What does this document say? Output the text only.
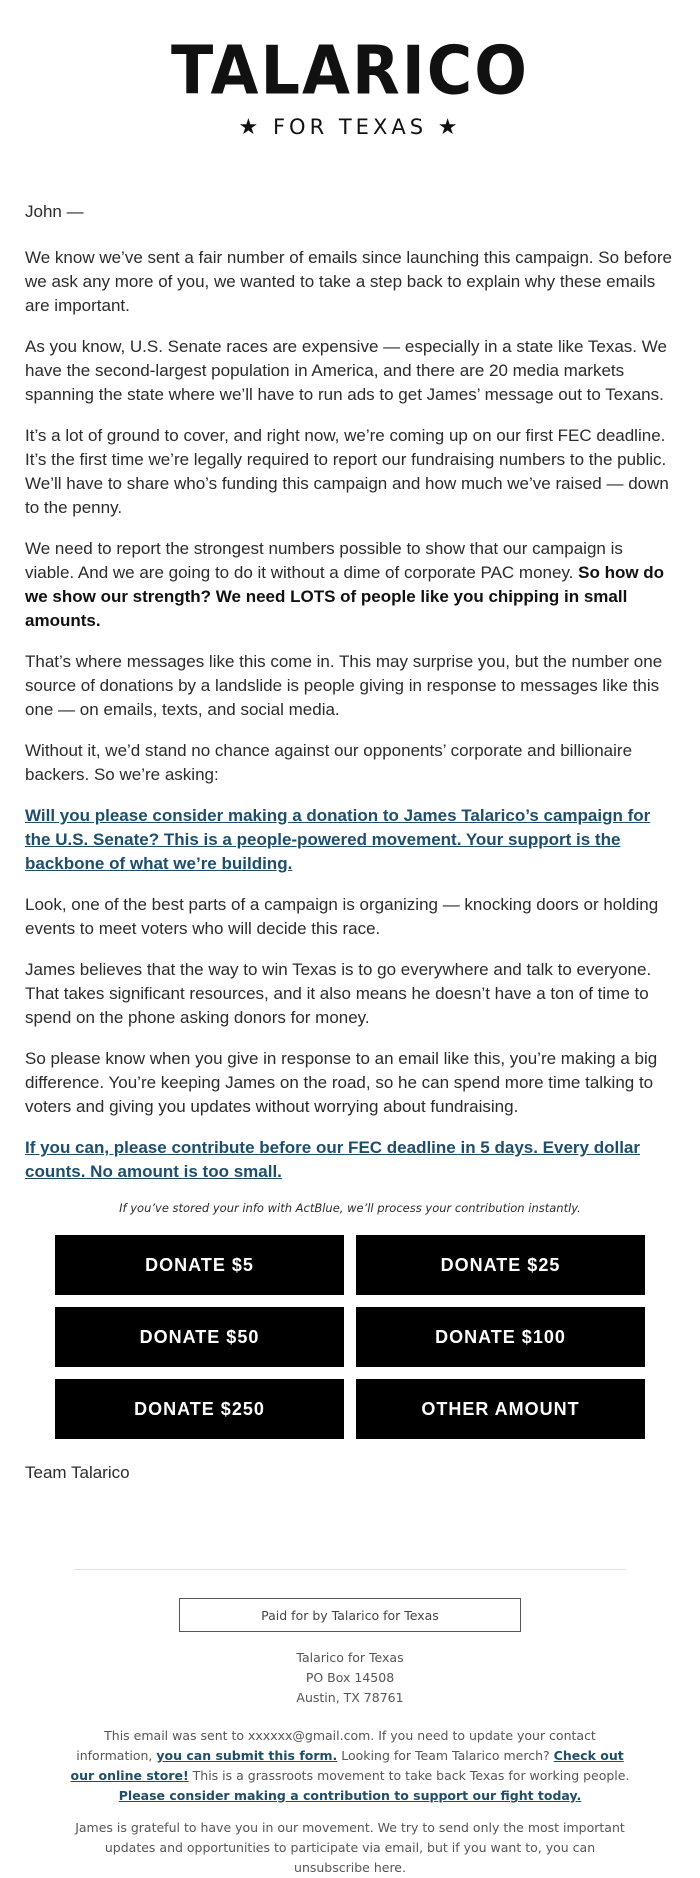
TALARICO
★ FOR TEXAS ★

John —

We know we’ve sent a fair number of emails since launching this campaign. So before we ask any more of you, we wanted to take a step back to explain why these emails are important.

As you know, U.S. Senate races are expensive — especially in a state like Texas. We have the second-largest population in America, and there are 20 media markets spanning the state where we’ll have to run ads to get James’ message out to Texans.

It’s a lot of ground to cover, and right now, we’re coming up on our first FEC deadline. It’s the first time we’re legally required to report our fundraising numbers to the public. We’ll have to share who’s funding this campaign and how much we’ve raised — down to the penny.

We need to report the strongest numbers possible to show that our campaign is viable. And we are going to do it without a dime of corporate PAC money. So how do we show our strength? We need LOTS of people like you chipping in small amounts.

That’s where messages like this come in. This may surprise you, but the number one source of donations by a landslide is people giving in response to messages like this one — on emails, texts, and social media.

Without it, we’d stand no chance against our opponents’ corporate and billionaire backers. So we’re asking:

Will you please consider making a donation to James Talarico’s campaign for the U.S. Senate? This is a people-powered movement. Your support is the backbone of what we’re building.

Look, one of the best parts of a campaign is organizing — knocking doors or holding events to meet voters who will decide this race.

James believes that the way to win Texas is to go everywhere and talk to everyone. That takes significant resources, and it also means he doesn’t have a ton of time to spend on the phone asking donors for money.

So please know when you give in response to an email like this, you’re making a big difference. You’re keeping James on the road, so he can spend more time talking to voters and giving you updates without worrying about fundraising.

If you can, please contribute before our FEC deadline in 5 days. Every dollar counts. No amount is too small.

If you’ve stored your info with ActBlue, we’ll process your contribution instantly.
DONATE $5	DONATE $25
DONATE $50	DONATE $100
DONATE $250	OTHER AMOUNT
Team Talarico
Paid for by Talarico for Texas
Talarico for Texas
PO Box 14508
Austin, TX 78761
This email was sent to xxxxxx@gmail.com. If you need to update your contact information, you can submit this form. Looking for Team Talarico merch? Check out our online store! This is a grassroots movement to take back Texas for working people. Please consider making a contribution to support our fight today.
James is grateful to have you in our movement. We try to send only the most important updates and opportunities to participate via email, but if you want to, you can unsubscribe here.
